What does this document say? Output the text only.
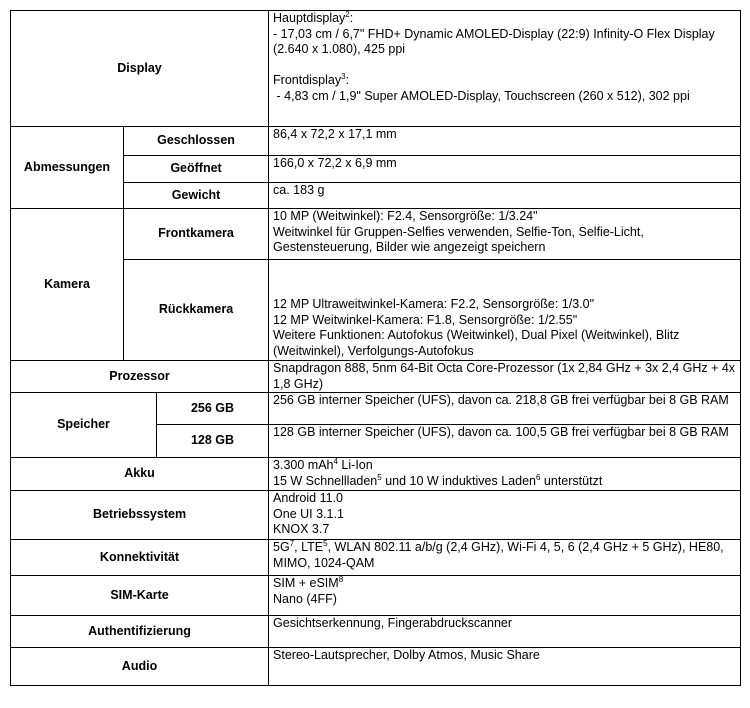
Display			Hauptdisplay$^2$:
- 17,03 cm / 6,7" FHD+ Dynamic AMOLED-Display (22:9) Infinity-O Flex Display (2.640 x 1.080), 425 ppi

Frontdisplay$^3$:
- 4,83 cm / 1,9" Super AMOLED-Display, Touchscreen (260 x 512), 302 ppi

Abmessungen	Geschlossen		86,4 x 72,2 x 17,1 mm
	Geöffnet		166,0 x 72,2 x 6,9 mm
	Gewicht		ca. 183 g
Kamera	Frontkamera		10 MP (Weitwinkel): F2.4, Sensorgröße: 1/3.24"
Weitwinkel für Gruppen-Selfies verwenden, Selfie-Ton, Selfie-Licht, Gestensteuerung, Bilder wie angezeigt speichern

	Rückkamera		12 MP Ultraweitwinkel-Kamera: F2.2, Sensorgröße: 1/3.0"
12 MP Weitwinkel-Kamera: F1.8, Sensorgröße: 1/2.55"
Weitere Funktionen: Autofokus (Weitwinkel), Dual Pixel (Weitwinkel), Blitz (Weitwinkel), Verfolgungs-Autofokus

Prozessor			Snapdragon 888, 5nm 64-Bit Octa Core-Prozessor (1x 2,84 GHz + 3x 2,4 GHz + 4x 1,8 GHz)
Speicher		256 GB	256 GB interner Speicher (UFS), davon ca. 218,8 GB frei verfügbar bei 8 GB RAM
		128 GB	128 GB interner Speicher (UFS), davon ca. 100,5 GB frei verfügbar bei 8 GB RAM
Akku			3.300 mAh$^4$ Li-Ion
15 W Schnellladen$^5$ und 10 W induktives Laden$^6$ unterstützt

Betriebssystem			Android 11.0
One UI 3.1.1
KNOX 3.7

Konnektivität			$5G^7$, LTE$^5$, WLAN 802.11 a/b/g (2,4 GHz), Wi-Fi 4, 5, 6 (2,4 GHz + 5 GHz), HE80, MIMO, 1024-QAM
SIM-Karte			SIM + eSIM$^8$
Nano (4FF)

Authentifizierung			Gesichtserkennung, Fingerabdruckscanner
Audio			Stereo-Lautsprecher, Dolby Atmos, Music Share
